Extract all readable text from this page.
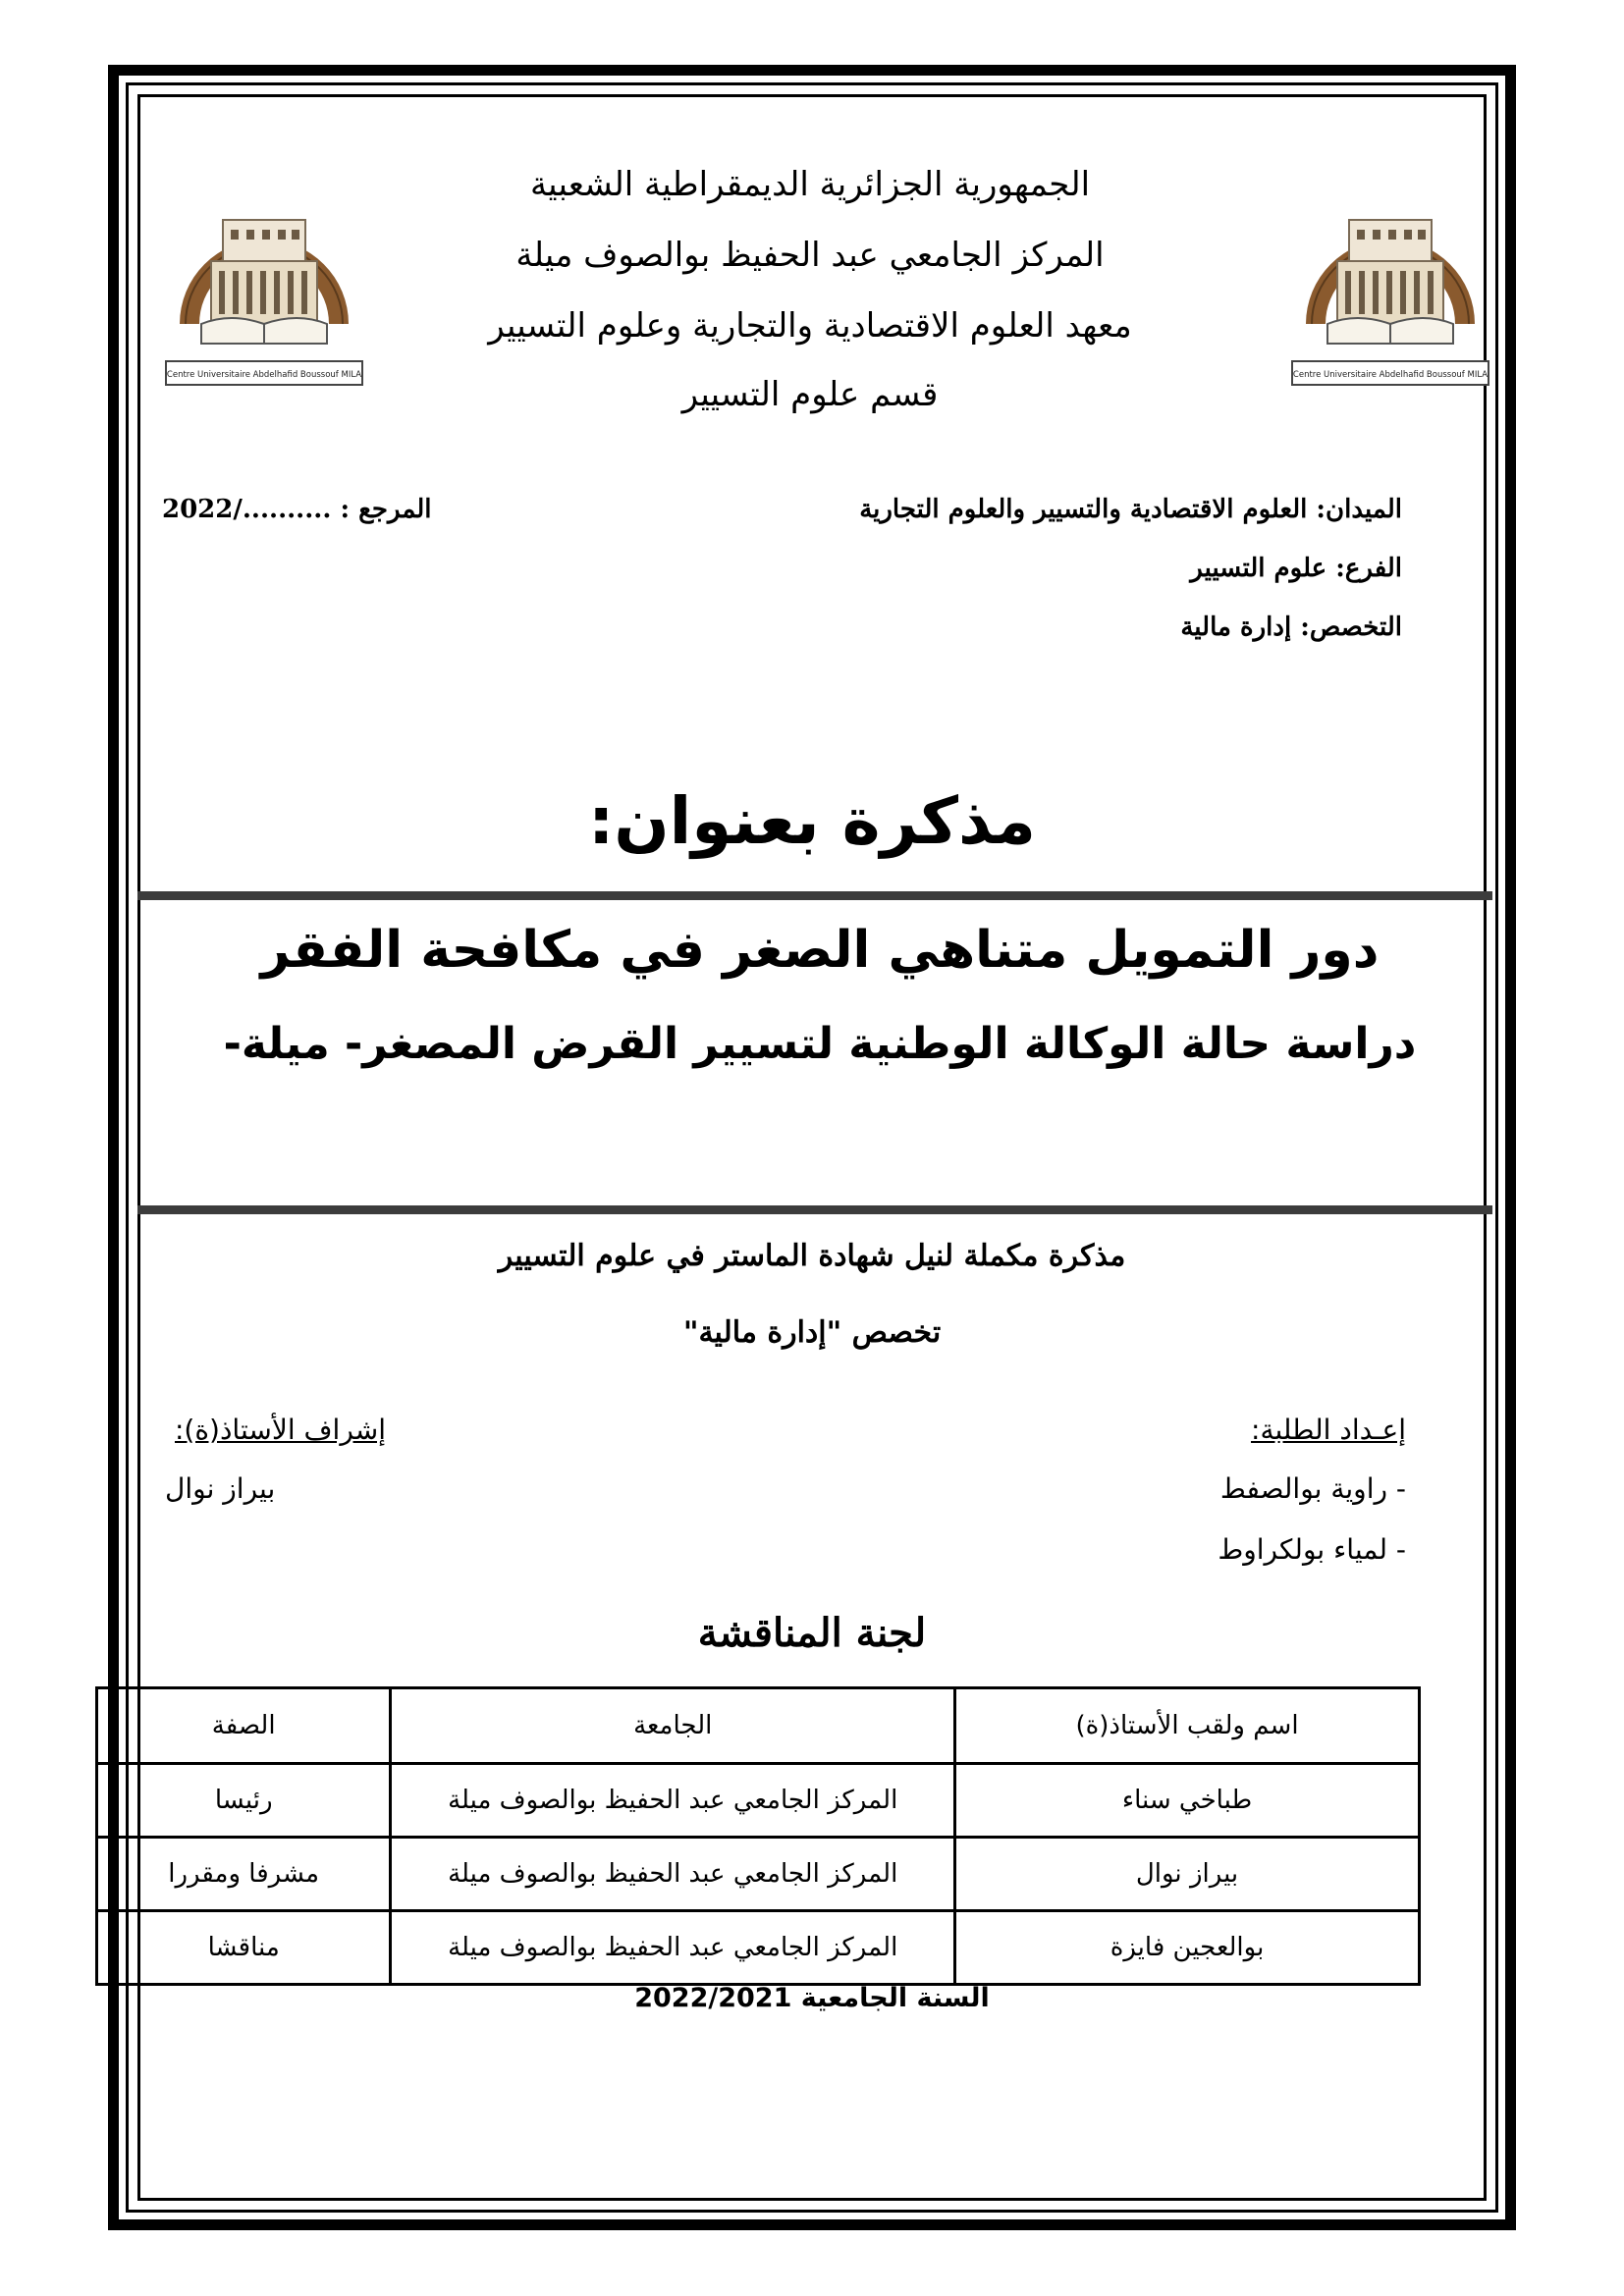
Centre Universitaire Abdelhafid Boussouf MILA
Centre Universitaire Abdelhafid Boussouf MILA
الجمهورية الجزائرية الديمقراطية الشعبية
المركز الجامعي عبد الحفيظ بوالصوف ميلة
معهد العلوم الاقتصادية والتجارية وعلوم التسيير
قسم علوم التسيير
الميدان: العلوم الاقتصادية والتسيير والعلوم التجارية
الفرع: علوم التسيير
التخصص: إدارة مالية
المرجع : ........../2022
مذكرة بعنوان:
دور التمويل متناهي الصغر في مكافحة الفقر
دراسة حالة الوكالة الوطنية لتسيير القرض المصغر- ميلة-
مذكرة مكملة لنيل شهادة الماستر في علوم التسيير
تخصص "إدارة مالية"
إعـداد الطلبة:
- راوية بوالصفط
- لمياء بولكراوط
إشراف الأستاذ(ة):
بيراز نوال
لجنة المناقشة
اسم ولقب الأستاذ(ة)	الجامعة	الصفة
طباخي سناء	المركز الجامعي عبد الحفيظ بوالصوف ميلة	رئيسا
بيراز نوال	المركز الجامعي عبد الحفيظ بوالصوف ميلة	مشرفا ومقررا
بوالعجين فايزة	المركز الجامعي عبد الحفيظ بوالصوف ميلة	مناقشا
السنة الجامعية 2022/2021
